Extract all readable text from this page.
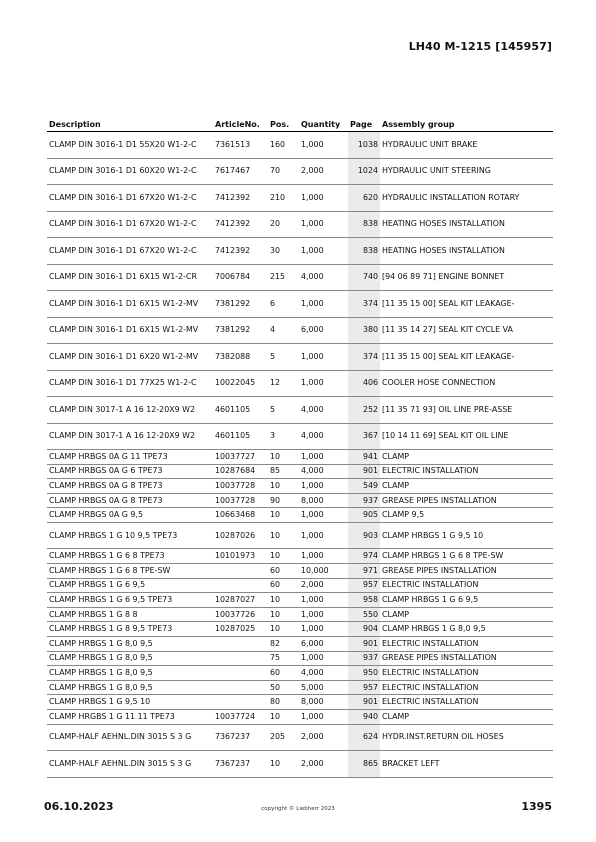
LH40 M-1215 [145957]
Description	ArticleNo.	Pos.	Quantity	Page	Assembly group
CLAMP DIN 3016-1 D1 55X20 W1-2-C	7361513	160	1,000	1038	HYDRAULIC UNIT BRAKE
CLAMP DIN 3016-1 D1 60X20 W1-2-C	7617467	70	2,000	1024	HYDRAULIC UNIT STEERING
CLAMP DIN 3016-1 D1 67X20 W1-2-C	7412392	210	1,000	620	HYDRAULIC INSTALLATION ROTARY
CLAMP DIN 3016-1 D1 67X20 W1-2-C	7412392	20	1,000	838	HEATING HOSES INSTALLATION
CLAMP DIN 3016-1 D1 67X20 W1-2-C	7412392	30	1,000	838	HEATING HOSES INSTALLATION
CLAMP DIN 3016-1 D1 6X15 W1-2-CR	7006784	215	4,000	740	[94 06 89 71] ENGINE BONNET
CLAMP DIN 3016-1 D1 6X15 W1-2-MV	7381292	6	1,000	374	[11 35 15 00] SEAL KIT LEAKAGE-
CLAMP DIN 3016-1 D1 6X15 W1-2-MV	7381292	4	6,000	380	[11 35 14 27] SEAL KIT CYCLE VA
CLAMP DIN 3016-1 D1 6X20 W1-2-MV	7382088	5	1,000	374	[11 35 15 00] SEAL KIT LEAKAGE-
CLAMP DIN 3016-1 D1 77X25 W1-2-C	10022045	12	1,000	406	COOLER HOSE CONNECTION
CLAMP DIN 3017-1 A 16 12-20X9 W2	4601105	5	4,000	252	[11 35 71 93] OIL LINE PRE-ASSE
CLAMP DIN 3017-1 A 16 12-20X9 W2	4601105	3	4,000	367	[10 14 11 69] SEAL KIT OIL LINE
CLAMP HRBGS 0A G 11 TPE73	10037727	10	1,000	941	CLAMP
CLAMP HRBGS 0A G 6 TPE73	10287684	85	4,000	901	ELECTRIC INSTALLATION
CLAMP HRBGS 0A G 8 TPE73	10037728	10	1,000	549	CLAMP
CLAMP HRBGS 0A G 8 TPE73	10037728	90	8,000	937	GREASE PIPES INSTALLATION
CLAMP HRBGS 0A G 9,5	10663468	10	1,000	905	CLAMP 9,5
CLAMP HRBGS 1 G 10 9,5 TPE73	10287026	10	1,000	903	CLAMP HRBGS 1 G 9,5 10
CLAMP HRBGS 1 G 6 8 TPE73	10101973	10	1,000	974	CLAMP HRBGS 1 G 6 8 TPE-SW
CLAMP HRBGS 1 G 6 8 TPE-SW		60	10,000	971	GREASE PIPES INSTALLATION
CLAMP HRBGS 1 G 6 9,5		60	2,000	957	ELECTRIC INSTALLATION
CLAMP HRBGS 1 G 6 9,5 TPE73	10287027	10	1,000	958	CLAMP HRBGS 1 G 6 9,5
CLAMP HRBGS 1 G 8 8	10037726	10	1,000	550	CLAMP
CLAMP HRBGS 1 G 8 9,5 TPE73	10287025	10	1,000	904	CLAMP HRBGS 1 G 8,0 9,5
CLAMP HRBGS 1 G 8,0 9,5		82	6,000	901	ELECTRIC INSTALLATION
CLAMP HRBGS 1 G 8,0 9,5		75	1,000	937	GREASE PIPES INSTALLATION
CLAMP HRBGS 1 G 8,0 9,5		60	4,000	950	ELECTRIC INSTALLATION
CLAMP HRBGS 1 G 8,0 9,5		50	5,000	957	ELECTRIC INSTALLATION
CLAMP HRBGS 1 G 9,5 10		80	8,000	901	ELECTRIC INSTALLATION
CLAMP HRGBS 1 G 11 11 TPE73	10037724	10	1,000	940	CLAMP
CLAMP-HALF AEHNL.DIN 3015 S 3 G	7367237	205	2,000	624	HYDR.INST.RETURN OIL HOSES
CLAMP-HALF AEHNL.DIN 3015 S 3 G	7367237	10	2,000	865	BRACKET LEFT
06.10.2023	copyright © Liebherr 2023	1395
